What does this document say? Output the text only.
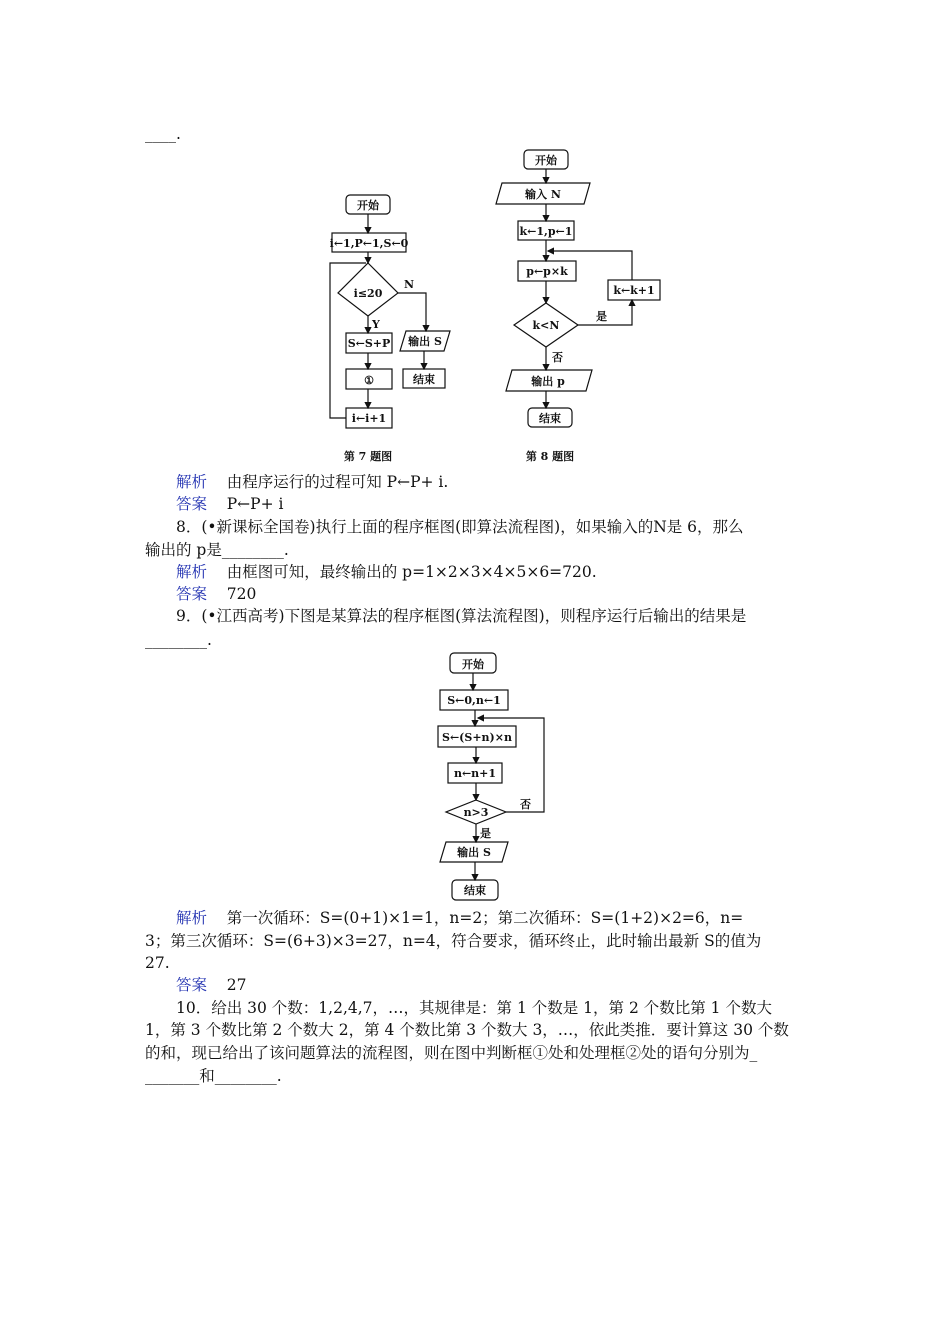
____.
开始
i←1,P←1,S←0
i≤20
N
Y
S←S+P
①
i←i+1
输出 S
结束
第 7 题图
开始
输入 N
k←1,p←1
p←p×k
k<N
是
k←k+1
否
输出 p
结束
第 8 题图
解析 由程序运行的过程可知 P←P+ i.
答案 P←P+ i
8．(•新课标全国卷)执行上面的程序框图(即算法流程图)，如果输入的N是 6，那么
输出的 p是________.
解析 由框图可知，最终输出的 p=1×2×3×4×5×6=720.
答案 720
9．(•江西高考)下图是某算法的程序框图(算法流程图)，则程序运行后输出的结果是
________.
开始
S←0,n←1
S←(S+n)×n
n←n+1
n>3
否
是
输出 S
结束
解析 第一次循环：S=(0+1)×1=1，n=2；第二次循环：S=(1+2)×2=6，n=
3；第三次循环：S=(6+3)×3=27，n=4，符合要求，循环终止，此时输出最新 S的值为
27.
答案 27
10．给出 30 个数：1,2,4,7，…，其规律是：第 1 个数是 1，第 2 个数比第 1 个数大
1，第 3 个数比第 2 个数大 2，第 4 个数比第 3 个数大 3，…，依此类推．要计算这 30 个数
的和，现已给出了该问题算法的流程图，则在图中判断框①处和处理框②处的语句分别为_
_______和________.
